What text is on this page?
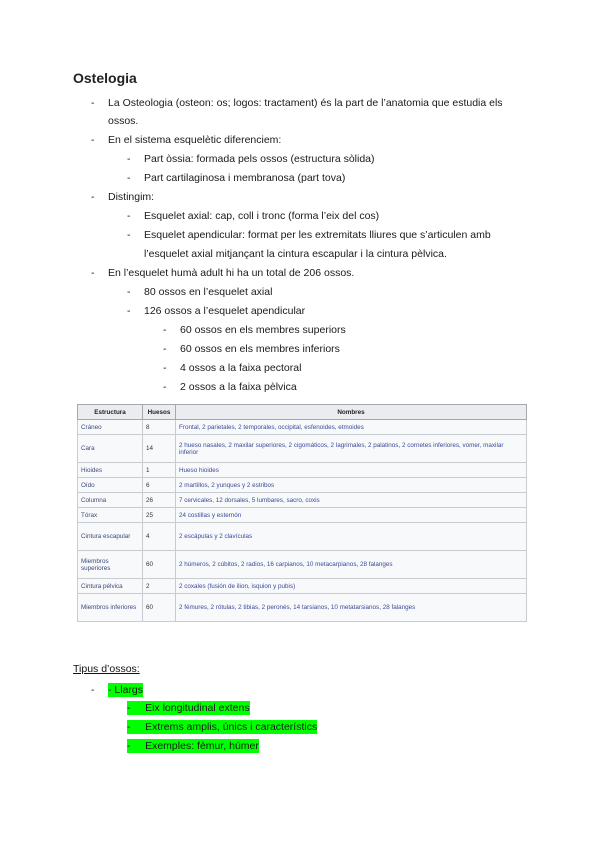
Ostelogia
- La Osteologia (osteon: os; logos: tractament) és la part de l’anatomia que estudia els
ossos.
- En el sistema esquelètic diferenciem:
- Part òssia: formada pels ossos (estructura sòlida)
- Part cartilaginosa i membranosa (part tova)
- Distingim:
- Esquelet axial: cap, coll i tronc (forma l’eix del cos)
- Esquelet apendicular: format per les extremitats lliures que s’articulen amb
l’esquelet axial mitjançant la cintura escapular i la cintura pèlvica.
- En l’esquelet humà adult hi ha un total de 206 ossos.
- 80 ossos en l’esquelet axial
- 126 ossos a l’esquelet apendicular
- 60 ossos en els membres superiors
- 60 ossos en els membres inferiors
- 4 ossos a la faixa pectoral
- 2 ossos a la faixa pèlvica
Estructura	Huesos	Nombres
Cráneo	8	Frontal, 2 parietales, 2 temporales, occipital, esfenoides, etmoides
Cara	14	2 hueso nasales, 2 maxilar superiores, 2 cigomáticos, 2 lagrimales, 2 palatinos, 2 cornetes inferiores, vomer, maxilar inferior
Hioides	1	Hueso hioides
Oído	6	2 martillos, 2 yunques y 2 estribos
Columna	26	7 cervicales, 12 dorsales, 5 lumbares, sacro, coxis
Tórax	25	24 costillas y esternón
Cintura escapular	4	2 escápulas y 2 clavículas
Miembros superiores	60	2 húmeros, 2 cúbitos, 2 radios, 16 carpianos, 10 metacarpianos, 28 falanges
Cintura pélvica	2	2 coxales (fusión de ilion, isquion y pubis)
Miembros inferiores	60	2 fémures, 2 rótulas, 2 tibias, 2 peronés, 14 tarsianos, 10 metatarsianos, 28 falanges
Tipus d’ossos:
- - Llargs
-     Eix longitudinal extens
-     Extrems amplis, únics i característics
-     Exemples: fèmur, húmer
